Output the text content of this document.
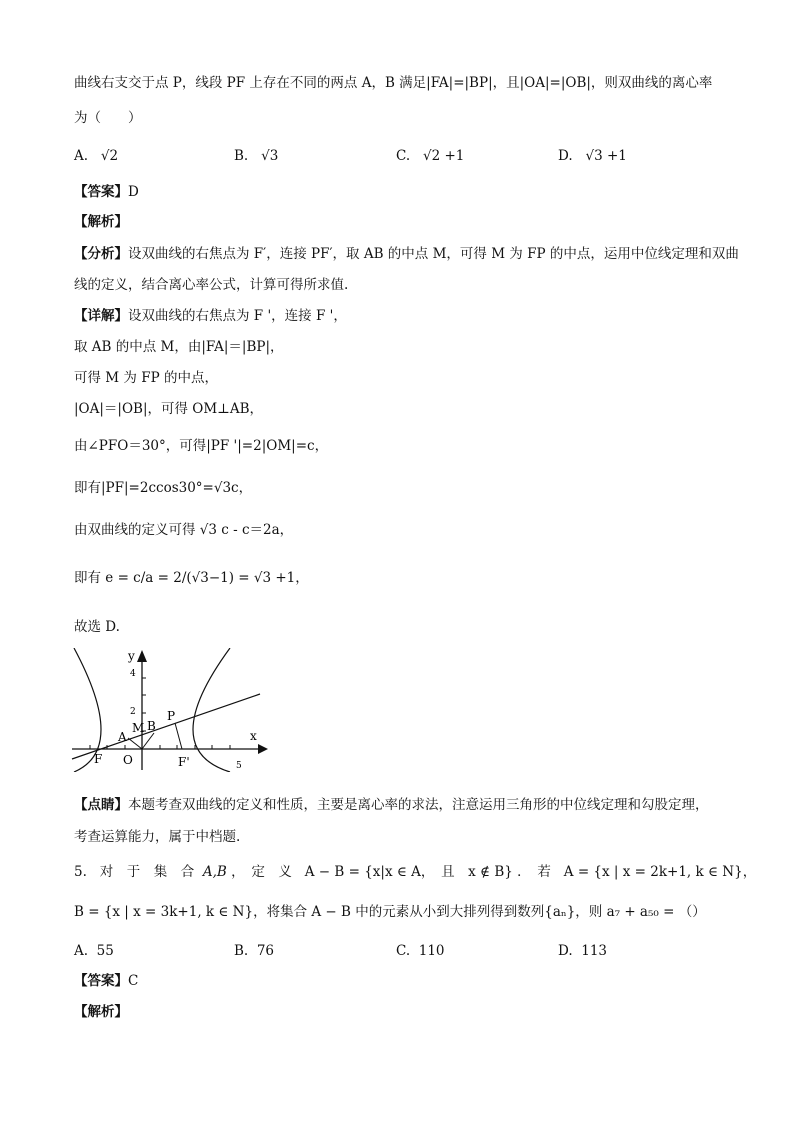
曲线右支交于点 P，线段 PF 上存在不同的两点 A，B 满足|FA|=|BP|，且|OA|=|OB|，则双曲线的离心率
为（　　）
A. √2	B. √3	C. √2 +1	D. √3 +1
【答案】D
【解析】
【分析】设双曲线的右焦点为 F′，连接 PF′，取 AB 的中点 M，可得 M 为 FP 的中点，运用中位线定理和双曲
线的定义，结合离心率公式，计算可得所求值.
【详解】设双曲线的右焦点为 F '，连接 F '，
取 AB 的中点 M，由|FA|＝|BP|，
可得 M 为 FP 的中点，
|OA|＝|OB|，可得 OM⊥AB，
由∠PFO＝30°，可得|PF '|=2|OM|=c，
即有|PF|=2ccos30°=√3c，
由双曲线的定义可得 √3 c - c＝2a，
即有 e = c/a = 2/(√3−1) = √3 +1，
故选 D.
y
4
2
x
5
F O	F'
A
M B
P
【点睛】本题考查双曲线的定义和性质，主要是离心率的求法，注意运用三角形的中位线定理和勾股定理，
考查运算能力，属于中档题.
5. 对　于　集　合 A,B ，　定　义 A − B = {x|x ∈ A，　且　x ∉ B} ．　若 A = {x | x = 2k+1, k ∈ N}，
B = {x | x = 3k+1, k ∈ N}，将集合 A − B 中的元素从小到大排列得到数列{aₙ}，则 a₇ + a₅₀ = （）
A. 55	B. 76	C. 110	D. 113
【答案】C
【解析】
